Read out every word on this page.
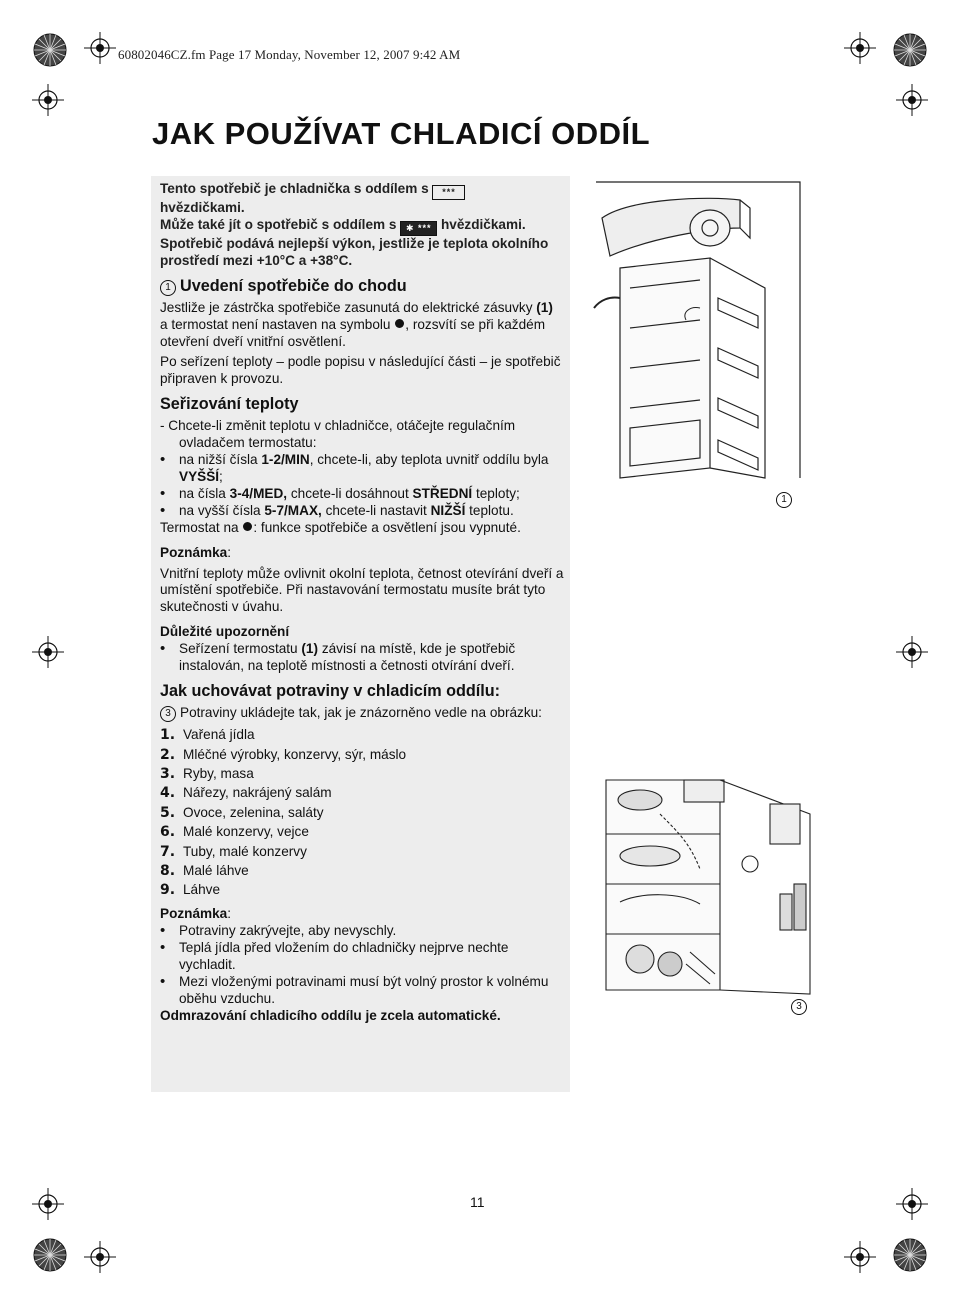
60802046CZ.fm Page 17 Monday, November 12, 2007 9:42 AM
JAK POUŽÍVAT CHLADICÍ ODDÍL

Tento spotřebič je chladnička s oddílem s ***
hvězdičkami.
Může také jít o spotřebič s oddílem s ✱ *** hvězdičkami.
Spotřebič podává nejlepší výkon, jestliže je teplota okolního prostředí mezi +10°C a +38°C.

1 Uvedení spotřebiče do chodu

Jestliže je zástrčka spotřebiče zasunutá do elektrické zásuvky (1) a termostat není nastaven na symbolu , rozsvítí se při každém otevření dveří vnitřní osvětlení.

Po seřízení teploty – podle popisu v následující části – je spotřebič připraven k provozu.

Seřizování teploty

- Chcete-li změnit teplotu v chladničce, otáčejte regulačním ovladačem termostatu:

• na nižší čísla 1-2/MIN, chcete-li, aby teplota uvnitř oddílu byla VYŠŠÍ;
• na čísla 3-4/MED, chcete-li dosáhnout STŘEDNÍ teploty;
• na vyšší čísla 5-7/MAX, chcete-li nastavit NIŽŠÍ teplotu.

Termostat na : funkce spotřebiče a osvětlení jsou vypnuté.

Poznámka:

Vnitřní teploty může ovlivnit okolní teplota, četnost otevírání dveří a umístění spotřebiče. Při nastavování termostatu musíte brát tyto skutečnosti v úvahu.

Důležité upozornění

• Seřízení termostatu (1) závisí na místě, kde je spotřebič instalován, na teplotě místnosti a četnosti otvírání dveří.
Jak uchovávat potraviny v chladicím oddílu:

3 Potraviny ukládejte tak, jak je znázorněno vedle na obrázku:

1. Vařená jídla
2. Mléčné výrobky, konzervy, sýr, máslo
3. Ryby, masa
4. Nářezy, nakrájený salám
5. Ovoce, zelenina, saláty
6. Malé konzervy, vejce
7. Tuby, malé konzervy
8. Malé láhve
9. Láhve

Poznámka:

• Potraviny zakrývejte, aby nevyschly.
• Teplá jídla před vložením do chladničky nejprve nechte vychladit.
• Mezi vloženými potravinami musí být volný prostor k volnému oběhu vzduchu.

Odmrazování chladicího oddílu je zcela automatické.

1
3
11
